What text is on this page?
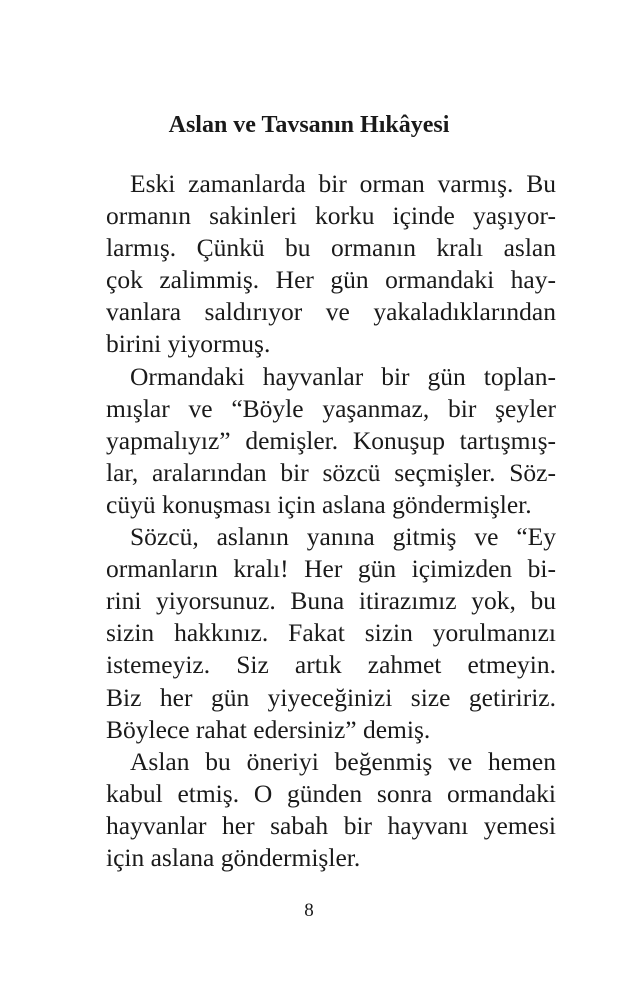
Aslan ve Tavsanın Hıkâyesi
Eski zamanlarda bir orman varmış. Bu
ormanın sakinleri korku içinde yaşıyor-
larmış. Çünkü bu ormanın kralı aslan
çok zalimmiş. Her gün ormandaki hay-
vanlara saldırıyor ve yakaladıklarından
birini yiyormuş.
Ormandaki hayvanlar bir gün toplan-
mışlar ve “Böyle yaşanmaz, bir şeyler
yapmalıyız” demişler. Konuşup tartışmış-
lar, aralarından bir sözcü seçmişler. Söz-
cüyü konuşması için aslana göndermişler.
Sözcü, aslanın yanına gitmiş ve “Ey
ormanların kralı! Her gün içimizden bi-
rini yiyorsunuz. Buna itirazımız yok, bu
sizin hakkınız. Fakat sizin yorulmanızı
istemeyiz. Siz artık zahmet etmeyin.
Biz her gün yiyeceğinizi size getiririz.
Böylece rahat edersiniz” demiş.
Aslan bu öneriyi beğenmiş ve hemen
kabul etmiş. O günden sonra ormandaki
hayvanlar her sabah bir hayvanı yemesi
için aslana göndermişler.
8
